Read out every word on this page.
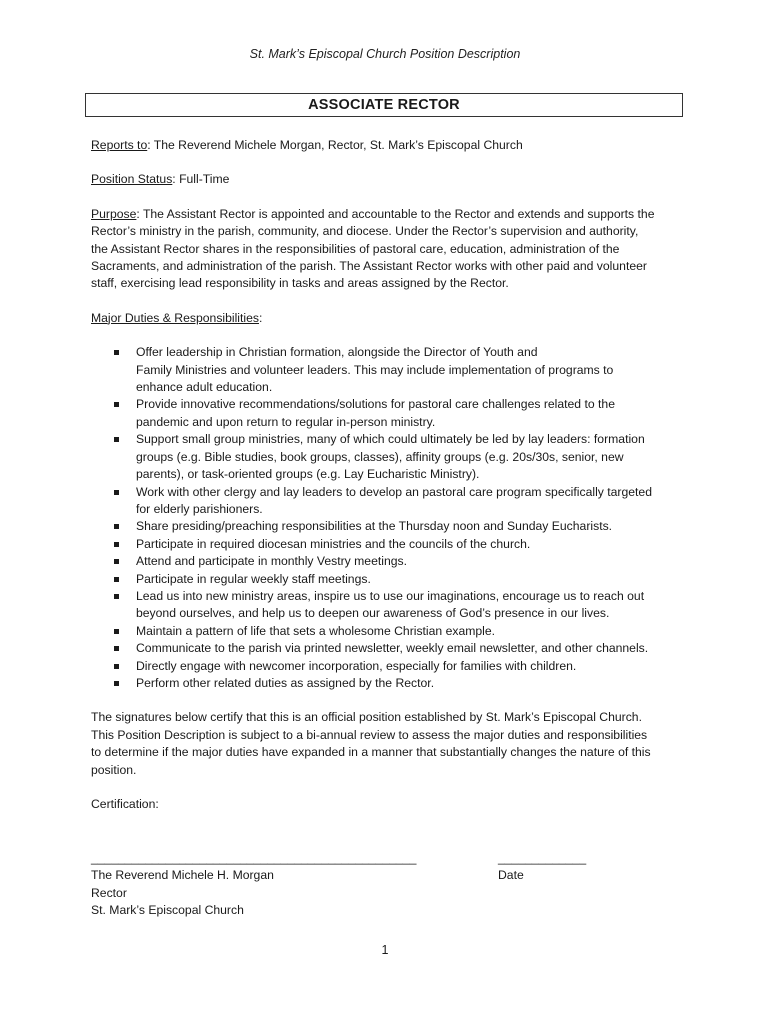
St. Mark’s Episcopal Church Position Description
ASSOCIATE RECTOR

Reports to: The Reverend Michele Morgan, Rector, St. Mark’s Episcopal Church

Position Status: Full-Time

Purpose: The Assistant Rector is appointed and accountable to the Rector and extends and supports the
Rector’s ministry in the parish, community, and diocese. Under the Rector’s supervision and authority,
the Assistant Rector shares in the responsibilities of pastoral care, education, administration of the
Sacraments, and administration of the parish. The Assistant Rector works with other paid and volunteer
staff, exercising lead responsibility in tasks and areas assigned by the Rector.

Major Duties & Responsibilities:

Offer leadership in Christian formation, alongside the Director of Youth and
Family Ministries and volunteer leaders. This may include implementation of programs to
enhance adult education.
Provide innovative recommendations/solutions for pastoral care challenges related to the
pandemic and upon return to regular in-person ministry.
Support small group ministries, many of which could ultimately be led by lay leaders: formation
groups (e.g. Bible studies, book groups, classes), affinity groups (e.g. 20s/30s, senior, new
parents), or task-oriented groups (e.g. Lay Eucharistic Ministry).
Work with other clergy and lay leaders to develop an pastoral care program specifically targeted
for elderly parishioners.
Share presiding/preaching responsibilities at the Thursday noon and Sunday Eucharists.
Participate in required diocesan ministries and the councils of the church.
Attend and participate in monthly Vestry meetings.
Participate in regular weekly staff meetings.
Lead us into new ministry areas, inspire us to use our imaginations, encourage us to reach out
beyond ourselves, and help us to deepen our awareness of God’s presence in our lives.
Maintain a pattern of life that sets a wholesome Christian example.
Communicate to the parish via printed newsletter, weekly email newsletter, and other channels.
Directly engage with newcomer incorporation, especially for families with children.
Perform other related duties as assigned by the Rector.

The signatures below certify that this is an official position established by St. Mark’s Episcopal Church.
This Position Description is subject to a bi-annual review to assess the major duties and responsibilities
to determine if the major duties have expanded in a manner that substantially changes the nature of this
position.

Certification:

________________________________________________
The Reverend Michele H. Morgan
Rector
St. Mark’s Episcopal Church
_____________
Date
1
